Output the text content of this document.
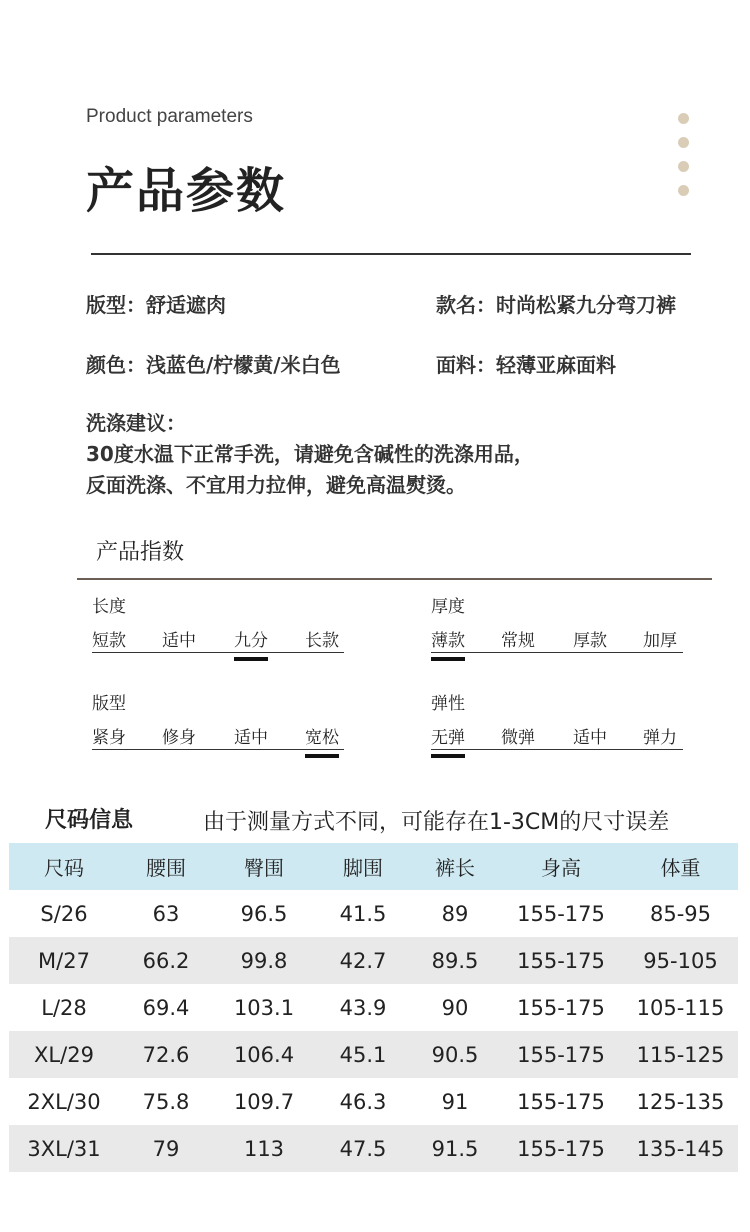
Product parameters
产品参数
版型：舒适遮肉	款名：时尚松紧九分弯刀裤
颜色：浅蓝色/柠檬黄/米白色	面料：轻薄亚麻面料
洗涤建议：
30度水温下正常手洗，请避免含碱性的洗涤用品，
反面洗涤、不宜用力拉伸，避免高温熨烫。
产品指数
长度
短款 适中 九分 长款
厚度
薄款 常规 厚款 加厚
版型
紧身 修身 适中 宽松
弹性
无弹 微弹 适中 弹力
尺码信息	由于测量方式不同，可能存在1-3CM的尺寸误差
尺码	腰围	臀围	脚围	裤长	身高	体重
S/26	63	96.5	41.5	89	155-175	85-95
M/27	66.2	99.8	42.7	89.5	155-175	95-105
L/28	69.4	103.1	43.9	90	155-175	105-115
XL/29	72.6	106.4	45.1	90.5	155-175	115-125
2XL/30	75.8	109.7	46.3	91	155-175	125-135
3XL/31	79	113	47.5	91.5	155-175	135-145
